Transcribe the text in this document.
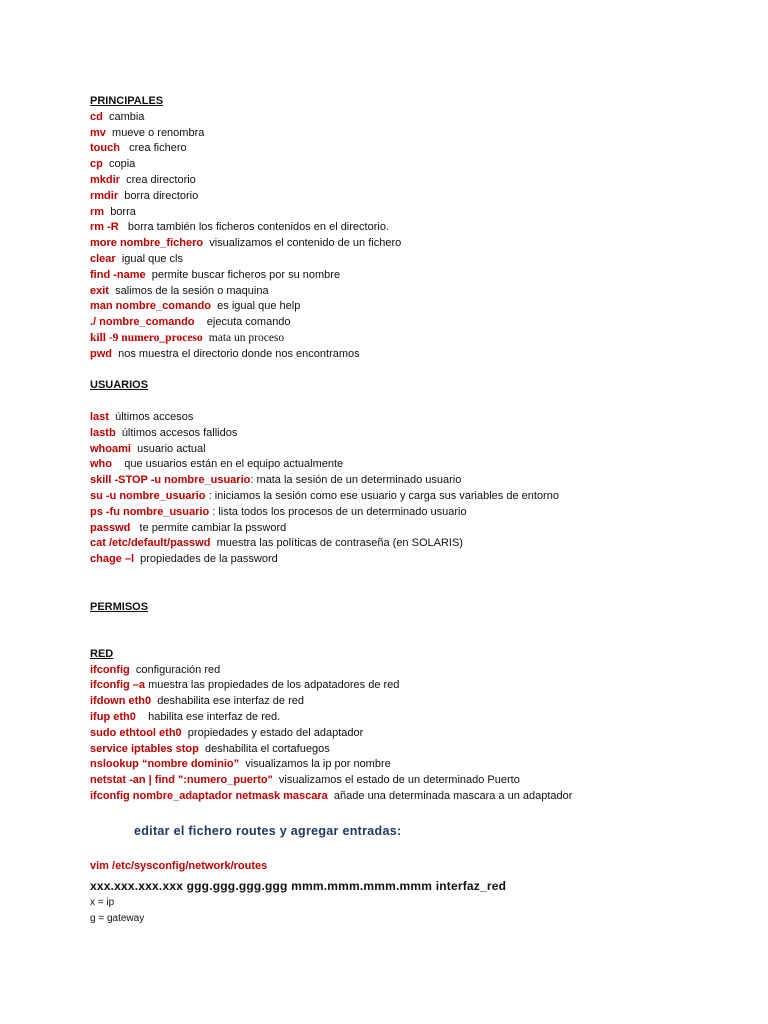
PRINCIPALES
cd cambia
mv mueve o renombra
touch crea fichero
cp copia
mkdir crea directorio
rmdir borra directorio
rm borra
rm -R borra también los ficheros contenidos en el directorio.
more nombre_fichero visualizamos el contenido de un fichero
clear igual que cls
find -name permite buscar ficheros por su nombre
exit salimos de la sesión o maquina
man nombre_comando es igual que help
./ nombre_comando ejecuta comando
kill -9 numero_proceso mata un proceso
pwd nos muestra el directorio donde nos encontramos
USUARIOS
last últimos accesos
lastb últimos accesos fallidos
whoami usuario actual
who que usuarios están en el equipo actualmente
skill -STOP -u nombre_usuario: mata la sesión de un determinado usuario
su -u nombre_usuario : iniciamos la sesión como ese usuario y carga sus variables de entorno
ps -fu nombre_usuario : lista todos los procesos de un determinado usuario
passwd te permite cambiar la pssword
cat /etc/default/passwd muestra las políticas de contraseña (en SOLARIS)
chage –l propiedades de la password
PERMISOS
RED
ifconfig configuración red
ifconfig –a muestra las propiedades de los adpatadores de red
ifdown eth0 deshabilita ese interfaz de red
ifup eth0 habilita ese interfaz de red.
sudo ethtool eth0 propiedades y estado del adaptador
service iptables stop deshabilita el cortafuegos
nslookup “nombre dominio” visualizamos la ip por nombre
netstat -an | find ":numero_puerto" visualizamos el estado de un determinado Puerto
ifconfig nombre_adaptador netmask mascara añade una determinada mascara a un adaptador
editar el fichero routes y agregar entradas:
vim /etc/sysconfig/network/routes
xxx.xxx.xxx.xxx ggg.ggg.ggg.ggg mmm.mmm.mmm.mmm interfaz_red
x = ip
g = gateway
